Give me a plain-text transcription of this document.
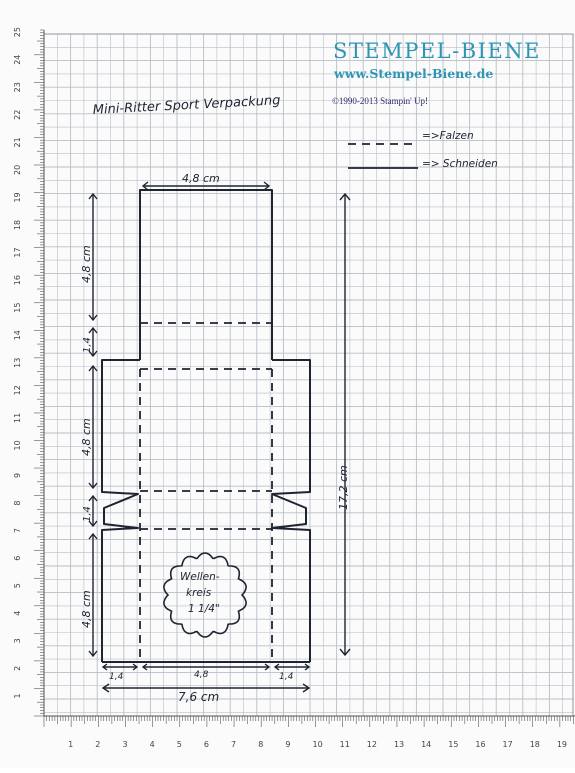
25
24
23
22
21
20
19
18
17
16
15
14
13
12
11
10
9
8
7
6
5
4
3
2
1
1	2	3	4	5	6	7	8	9	10 11 12 13 14 15 16 17 18 19
STEMPEL-BIENE
www.Stempel-Biene.de
©1990-2013 Stampin' Up!
Mini-Ritter Sport Verpackung
=>Falzen
=> Schneiden
Wellen-
kreis
1 1/4"
4,8 cm
4,8 cm
1,4
4,8 cm
1,4
4,8 cm
17,2 cm
1,4	4,8	1,4
7,6 cm
